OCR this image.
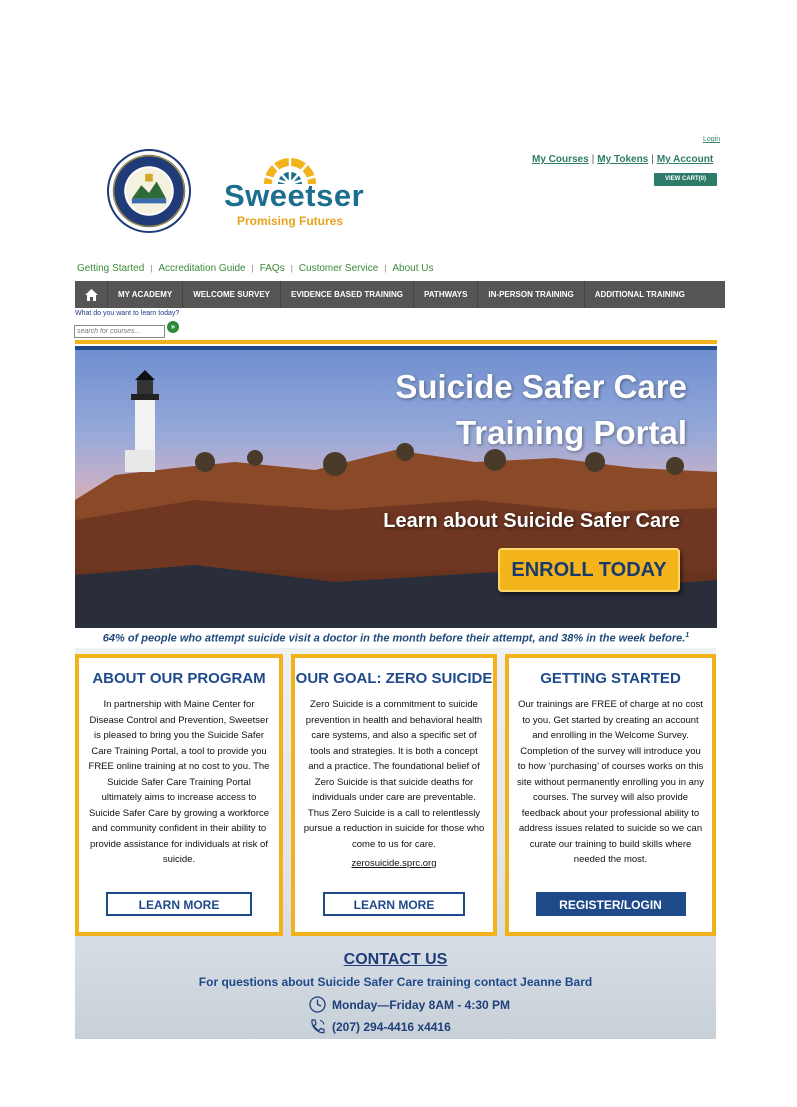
Login
My Courses | My Tokens | My Account
VIEW CART(0)
Sweetser
Promising Futures
Getting Started | Accreditation Guide | FAQs | Customer Service | About Us
MY ACADEMY	WELCOME SURVEY	EVIDENCE BASED TRAINING	PATHWAYS	IN-PERSON TRAINING	ADDITIONAL TRAINING
What do you want to learn today?
search for courses...
»
Suicide Safer Care
Training Portal
Learn about Suicide Safer Care
ENROLL TODAY
64% of people who attempt suicide visit a doctor in the month before their attempt, and 38% in the week before.$^1$
ABOUT OUR PROGRAM

In partnership with Maine Center for Disease Control and Prevention, Sweetser is pleased to bring you the Suicide Safer Care Training Portal, a tool to provide you FREE online training at no cost to you. The Suicide Safer Care Training Portal ultimately aims to increase access to Suicide Safer Care by growing a workforce and community confident in their ability to provide assistance for individuals at risk of suicide.

LEARN MORE
OUR GOAL: ZERO SUICIDE

Zero Suicide is a commitment to suicide prevention in health and behavioral health care systems, and also a specific set of tools and strategies. It is both a concept and a practice. The foundational belief of Zero Suicide is that suicide deaths for individuals under care are preventable. Thus Zero Suicide is a call to relentlessly pursue a reduction in suicide for those who come to us for care.

zerosuicide.sprc.org
LEARN MORE
GETTING STARTED

Our trainings are FREE of charge at no cost to you. Get started by creating an account and enrolling in the Welcome Survey. Completion of the survey will introduce you to how ‘purchasing’ of courses works on this site without permanently enrolling you in any courses. The survey will also provide feedback about your professional ability to address issues related to suicide so we can curate our training to build skills where needed the most.

REGISTER/LOGIN
CONTACT US
For questions about Suicide Safer Care training contact Jeanne Bard
Monday—Friday 8AM - 4:30 PM
(207) 294-4416 x4416
